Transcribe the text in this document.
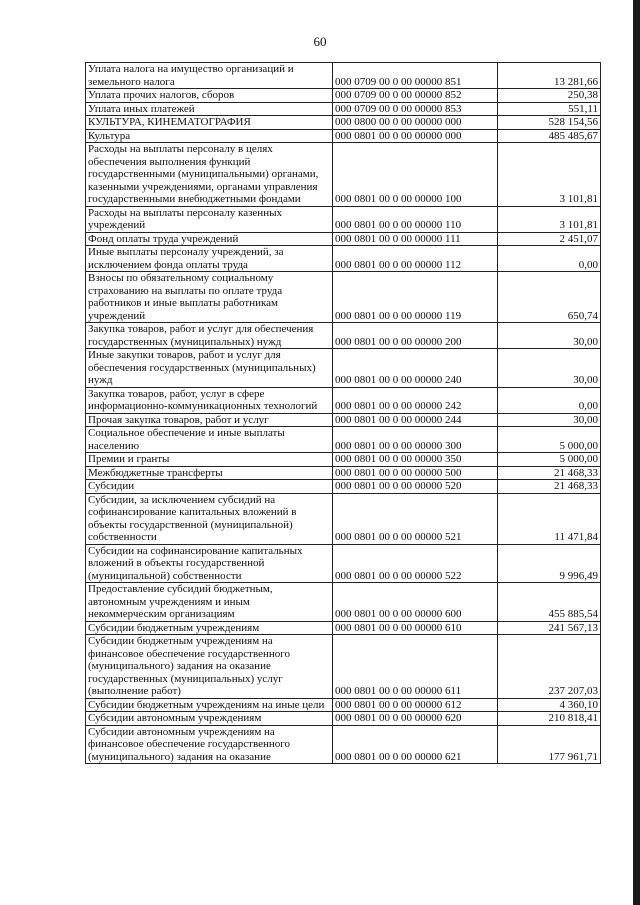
60
Уплата налога на имущество организаций и земельного налога	000 0709 00 0 00 00000 851	13 281,66
Уплата прочих налогов, сборов	000 0709 00 0 00 00000 852	250,38
Уплата иных платежей	000 0709 00 0 00 00000 853	551,11
КУЛЬТУРА, КИНЕМАТОГРАФИЯ	000 0800 00 0 00 00000 000	528 154,56
Культура	000 0801 00 0 00 00000 000	485 485,67
Расходы на выплаты персоналу в целях обеспечения выполнения функций государственными (муниципальными) органами, казенными учреждениями, органами управления государственными внебюджетными фондами	000 0801 00 0 00 00000 100	3 101,81
Расходы на выплаты персоналу казенных учреждений	000 0801 00 0 00 00000 110	3 101,81
Фонд оплаты труда учреждений	000 0801 00 0 00 00000 111	2 451,07
Иные выплаты персоналу учреждений, за исключением фонда оплаты труда	000 0801 00 0 00 00000 112	0,00
Взносы по обязательному социальному страхованию на выплаты по оплате труда работников и иные выплаты работникам учреждений	000 0801 00 0 00 00000 119	650,74
Закупка товаров, работ и услуг для обеспечения государственных (муниципальных) нужд	000 0801 00 0 00 00000 200	30,00
Иные закупки товаров, работ и услуг для обеспечения государственных (муниципальных) нужд	000 0801 00 0 00 00000 240	30,00
Закупка товаров, работ, услуг в сфере информационно-коммуникационных технологий	000 0801 00 0 00 00000 242	0,00
Прочая закупка товаров, работ и услуг	000 0801 00 0 00 00000 244	30,00
Социальное обеспечение и иные выплаты населению	000 0801 00 0 00 00000 300	5 000,00
Премии и гранты	000 0801 00 0 00 00000 350	5 000,00
Межбюджетные трансферты	000 0801 00 0 00 00000 500	21 468,33
Субсидии	000 0801 00 0 00 00000 520	21 468,33
Субсидии, за исключением субсидий на софинансирование капитальных вложений в объекты государственной (муниципальной) собственности	000 0801 00 0 00 00000 521	11 471,84
Субсидии на софинансирование капитальных вложений в объекты государственной (муниципальной) собственности	000 0801 00 0 00 00000 522	9 996,49
Предоставление субсидий бюджетным, автономным учреждениям и иным некоммерческим организациям	000 0801 00 0 00 00000 600	455 885,54
Субсидии бюджетным учреждениям	000 0801 00 0 00 00000 610	241 567,13
Субсидии бюджетным учреждениям на финансовое обеспечение государственного (муниципального) задания на оказание государственных (муниципальных) услуг (выполнение работ)	000 0801 00 0 00 00000 611	237 207,03
Субсидии бюджетным учреждениям на иные цели	000 0801 00 0 00 00000 612	4 360,10
Субсидии автономным учреждениям	000 0801 00 0 00 00000 620	210 818,41
Субсидии автономным учреждениям на финансовое обеспечение государственного (муниципального) задания на оказание	000 0801 00 0 00 00000 621	177 961,71
